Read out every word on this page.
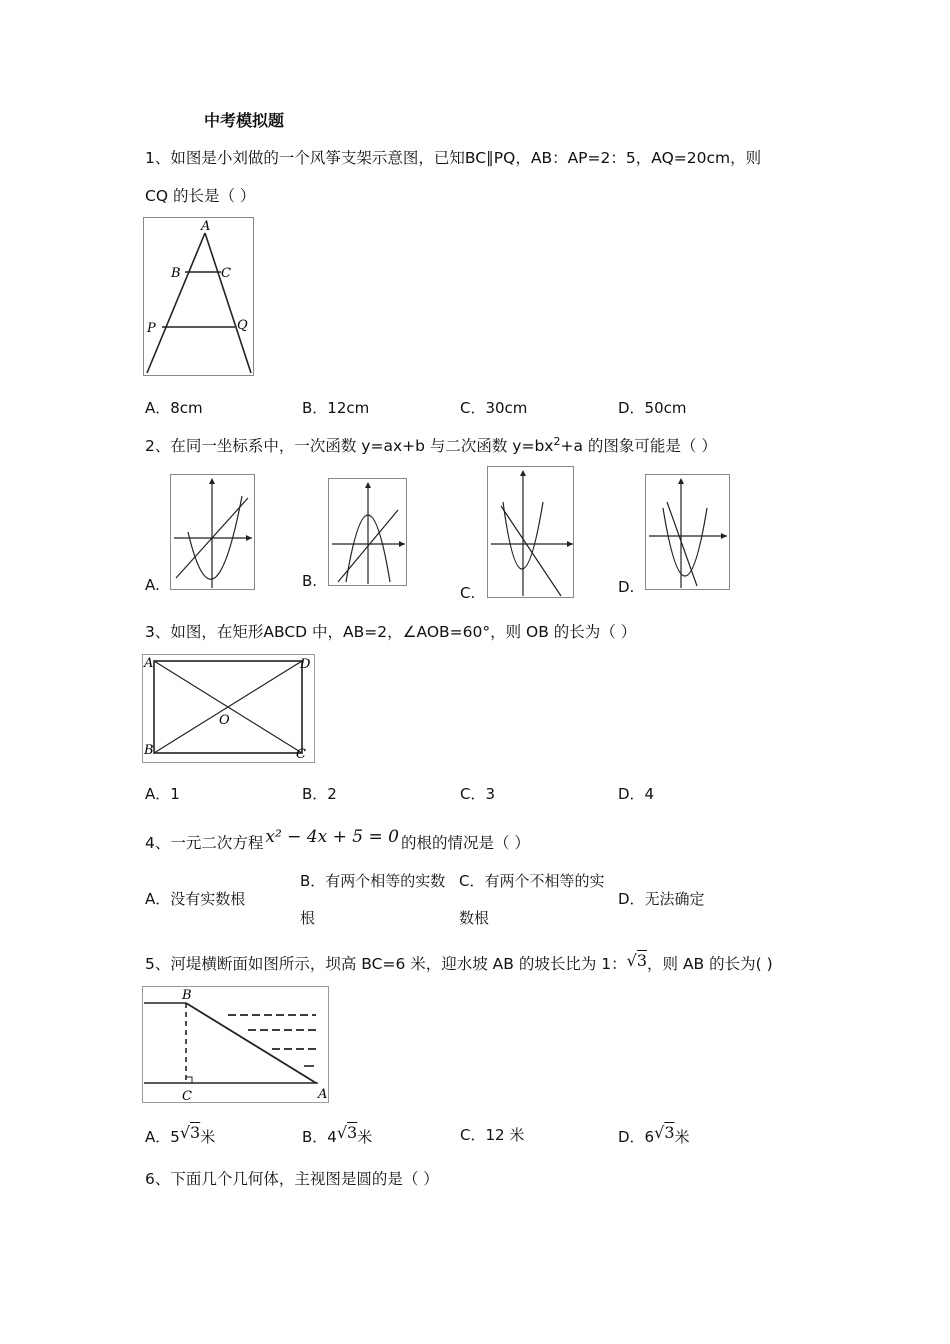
中考模拟题
1、如图是小刘做的一个风筝支架示意图，已知BC∥PQ，AB：AP=2：5，AQ=20cm，则
CQ 的长是（ ）
A
B	C
P	Q
A．8cm	B．12cm	C．30cm	D．50cm
2、在同一坐标系中，一次函数 y=ax+b 与二次函数 $y=bx^2+a$ 的图象可能是（ ）
A.	B.
C.	D.
3、如图，在矩形ABCD 中，AB=2，∠AOB=60°，则 OB 的长为（ ）
A	D
B	C
O
A．1	B．2	C．3	D．4
4、一元二次方程 x² − 4x + 5 = 0 的根的情况是（ ）
A．没有实数根
B．有两个相等的实数
根
C．有两个不相等的实
数根
D．无法确定
5、河堤横断面如图所示，坝高 BC=6 米，迎水坡 AB 的坡长比为 1：√3，则 AB 的长为( )
B
C	A
A．5√3米	B．4√3米	C．12 米	D．6√3米
6、下面几个几何体，主视图是圆的是（ ）
